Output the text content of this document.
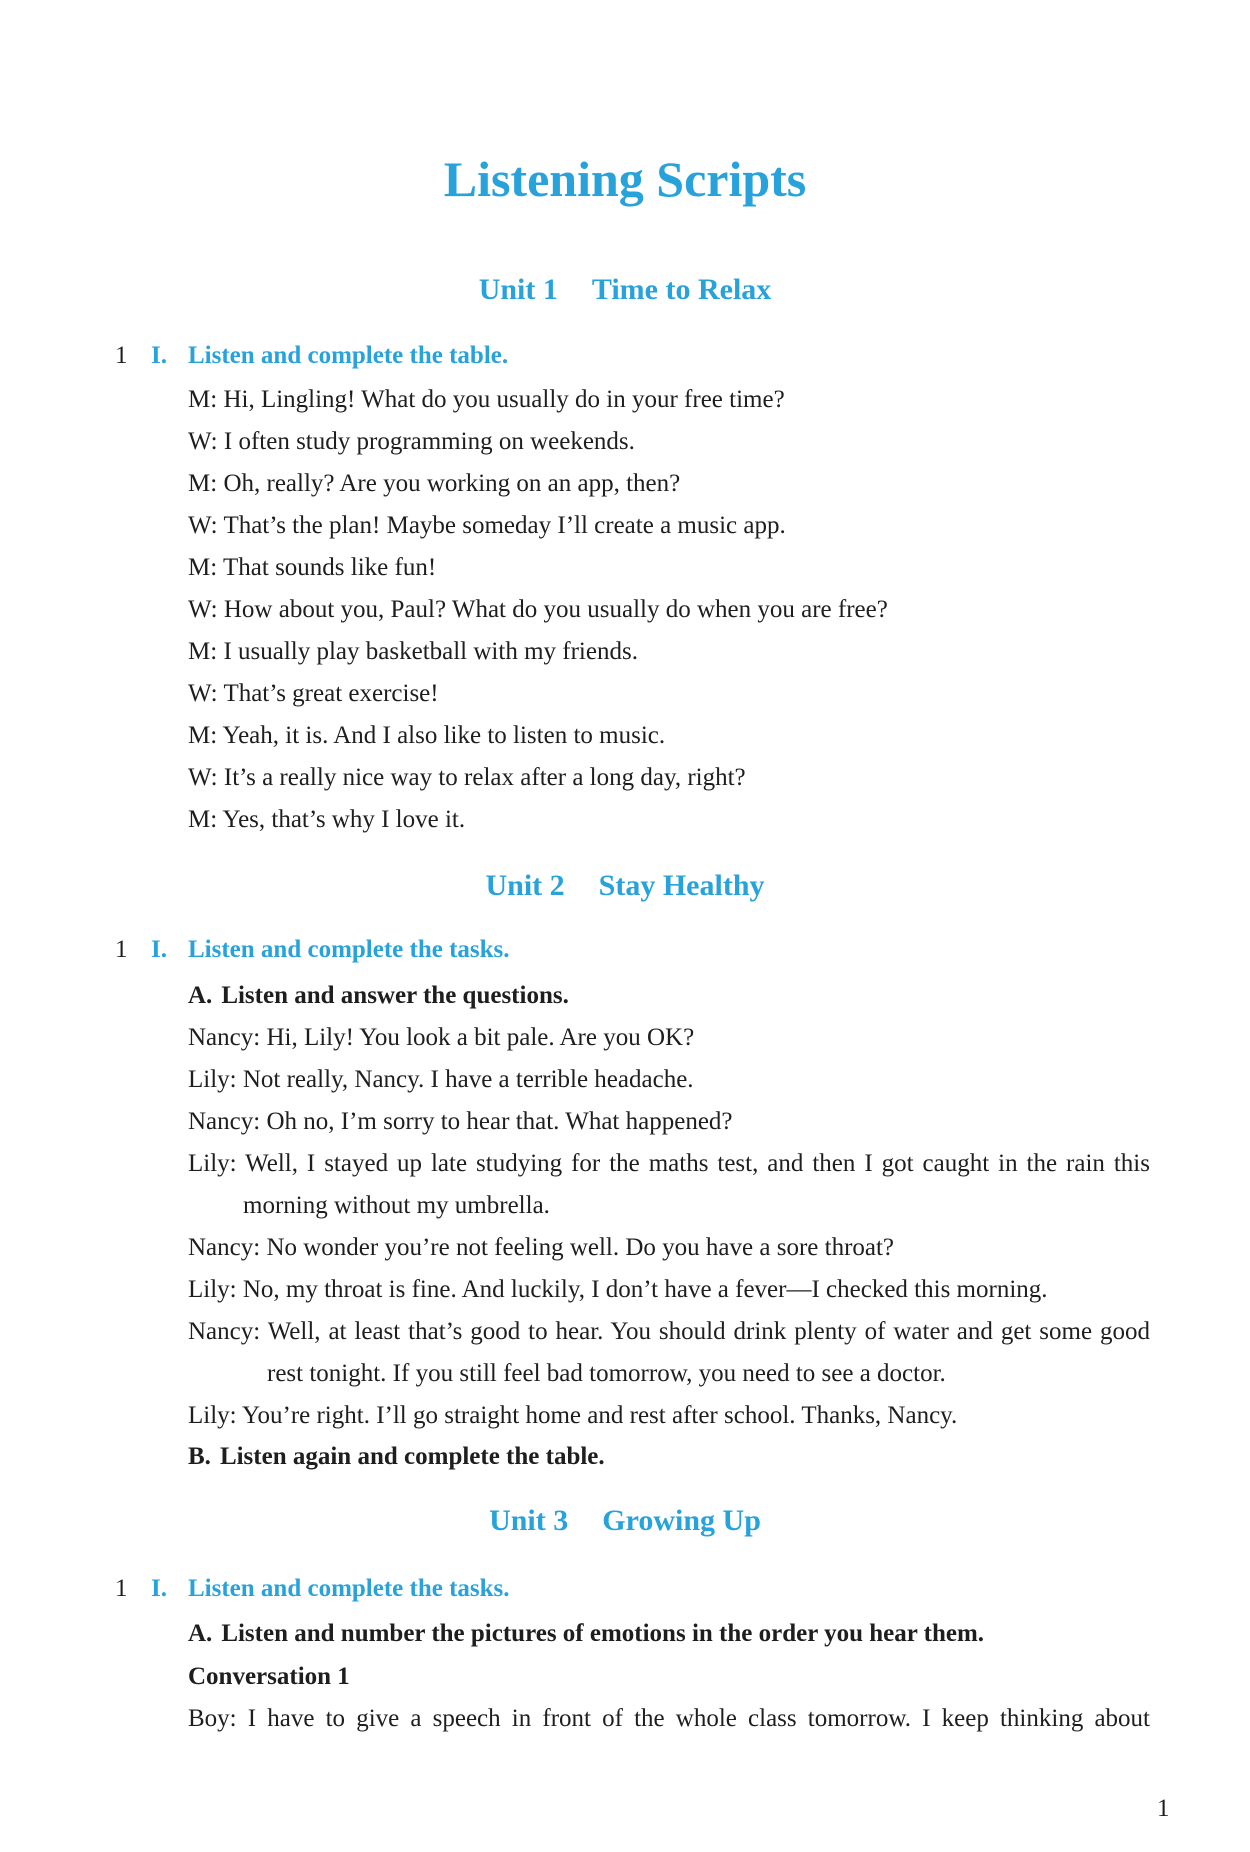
Listening Scripts
Unit 1 Time to Relax
1 I. Listen and complete the table.
M: Hi, Lingling! What do you usually do in your free time?
W: I often study programming on weekends.
M: Oh, really? Are you working on an app, then?
W: That’s the plan! Maybe someday I’ll create a music app.
M: That sounds like fun!
W: How about you, Paul? What do you usually do when you are free?
M: I usually play basketball with my friends.
W: That’s great exercise!
M: Yeah, it is. And I also like to listen to music.
W: It’s a really nice way to relax after a long day, right?
M: Yes, that’s why I love it.
Unit 2 Stay Healthy
1 I. Listen and complete the tasks.
A. Listen and answer the questions.
Nancy: Hi, Lily! You look a bit pale. Are you OK?
Lily: Not really, Nancy. I have a terrible headache.
Nancy: Oh no, I’m sorry to hear that. What happened?
Lily: Well, I stayed up late studying for the maths test, and then I got caught in the rain this
morning without my umbrella.
Nancy: No wonder you’re not feeling well. Do you have a sore throat?
Lily: No, my throat is fine. And luckily, I don’t have a fever—I checked this morning.
Nancy: Well, at least that’s good to hear. You should drink plenty of water and get some good
rest tonight. If you still feel bad tomorrow, you need to see a doctor.
Lily: You’re right. I’ll go straight home and rest after school. Thanks, Nancy.
B. Listen again and complete the table.
Unit 3 Growing Up
1 I. Listen and complete the tasks.
A. Listen and number the pictures of emotions in the order you hear them.
Conversation 1
Boy: I have to give a speech in front of the whole class tomorrow. I keep thinking about
1
